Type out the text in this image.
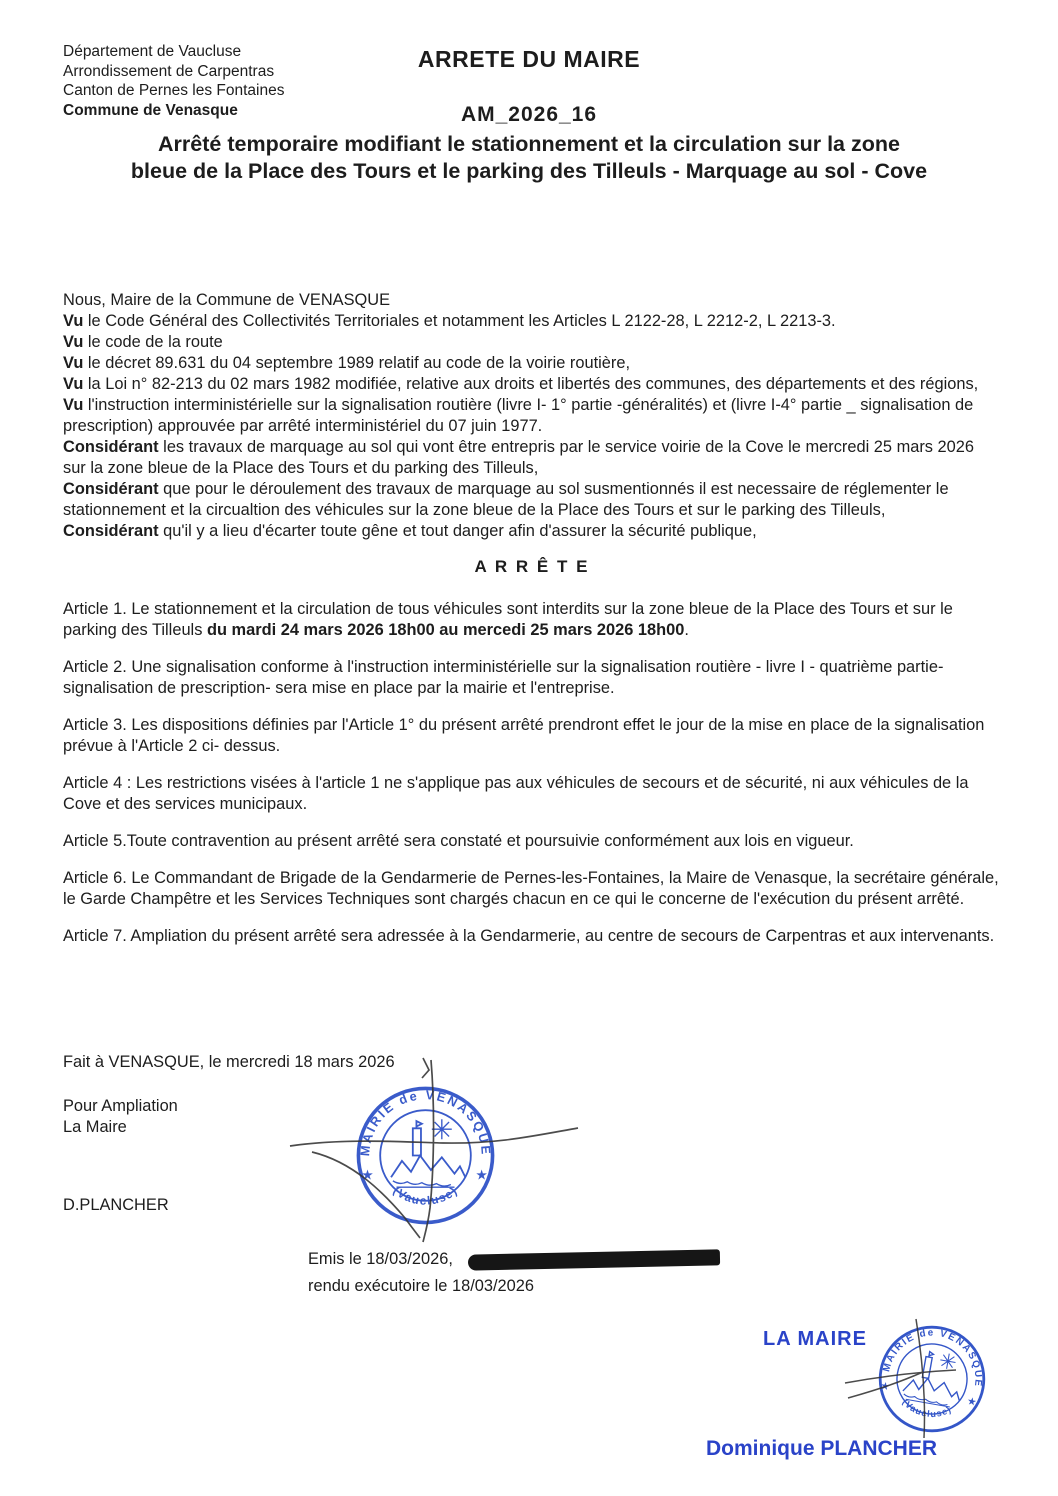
Département de Vaucluse
Arrondissement de Carpentras
Canton de Pernes les Fontaines
Commune de Venasque
ARRETE DU MAIRE
AM_2026_16
Arrêté temporaire modifiant le stationnement et la circulation sur la zone
bleue de la Place des Tours et le parking des Tilleuls - Marquage au sol - Cove

Nous, Maire de la Commune de VENASQUE

Vu le Code Général des Collectivités Territoriales et notamment les Articles L 2122-28, L 2212-2, L 2213-3.

Vu le code de la route

Vu le décret 89.631 du 04 septembre 1989 relatif au code de la voirie routière,

Vu la Loi n° 82-213 du 02 mars 1982 modifiée, relative aux droits et libertés des communes, des départements et des régions,

Vu l'instruction interministérielle sur la signalisation routière (livre I- 1° partie -généralités) et (livre I-4° partie _ signalisation de prescription) approuvée par arrêté interministériel du 07 juin 1977.

Considérant les travaux de marquage au sol qui vont être entrepris par le service voirie de la Cove le mercredi 25 mars 2026 sur la zone bleue de la Place des Tours et du parking des Tilleuls,

Considérant que pour le déroulement des travaux de marquage au sol susmentionnés il est necessaire de réglementer le stationnement et la circualtion des véhicules sur la zone bleue de la Place des Tours et sur le parking des Tilleuls,

Considérant qu'il y a lieu d'écarter toute gêne et tout danger afin d'assurer la sécurité publique,

A R R Ê T E

Article 1. Le stationnement et la circulation de tous véhicules sont interdits sur la zone bleue de la Place des Tours et sur le parking des Tilleuls du mardi 24 mars 2026 18h00 au mercedi 25 mars 2026 18h00.

Article 2. Une signalisation conforme à l'instruction interministérielle sur la signalisation routière - livre I - quatrième partie- signalisation de prescription- sera mise en place par la mairie et l'entreprise.

Article 3. Les dispositions définies par l'Article 1° du présent arrêté prendront effet le jour de la mise en place de la signalisation prévue à l'Article 2 ci- dessus.

Article 4 : Les restrictions visées à l'article 1 ne s'applique pas aux véhicules de secours et de sécurité, ni aux véhicules de la Cove et des services municipaux.

Article 5.Toute contravention au présent arrêté sera constaté et poursuivie conformément aux lois en vigueur.

Article 6. Le Commandant de Brigade de la Gendarmerie de Pernes-les-Fontaines, la Maire de Venasque, la secrétaire générale, le Garde Champêtre et les Services Techniques sont chargés chacun en ce qui le concerne de l'exécution du présent arrêté.

Article 7. Ampliation du présent arrêté sera adressée à la Gendarmerie, au centre de secours de Carpentras et aux intervenants.

Fait à VENASQUE, le mercredi 18 mars 2026
Pour Ampliation
La Maire
D.PLANCHER
MAIRIE de VENASQUE
(Vaucluse)
★	★
Emis le 18/03/2026,
rendu exécutoire le 18/03/2026
LA MAIRE
MAIRIE de VENASQUE
(Vaucluse)
★
★
Dominique PLANCHER
